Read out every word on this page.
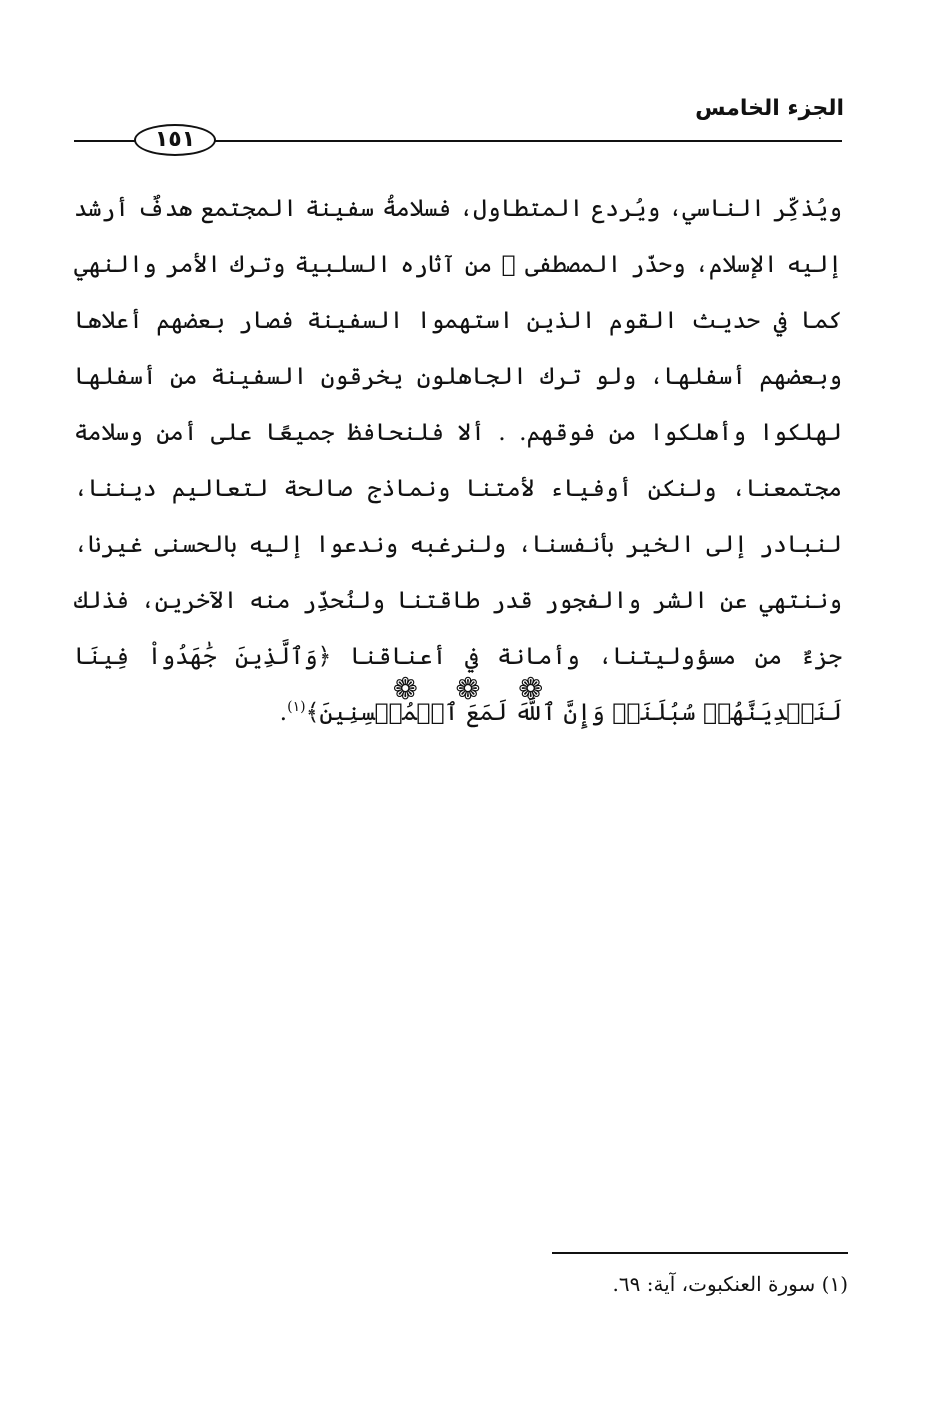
الجزء الخامس
١٥١
ويُذكِّر الناسي، ويُردع المتطاول، فسلامةُ سفينة المجتمع هدفٌ أرشد إليه الإسلام، وحذّر المصطفى ﷺ من آثاره السلبية وترك الأمر والنهي كما في حديث القوم الذين استهموا السفينة فصار بعضهم أعلاها وبعضهم أسفلها، ولو ترك الجاهلون يخرقون السفينة من أسفلها لهلكوا وأهلكوا من فوقهم. . ألا فلنحافظ جميعًا على أمن وسلامة مجتمعنا، ولنكن أوفياء لأمتنا ونماذج صالحة لتعاليم ديننا، لنبادر إلى الخير بأنفسنا، ولنرغبه وندعوا إليه بالحسنى غيرنا، وننتهي عن الشر والفجور قدر طاقتنا ولنُحذِّر منه الآخرين، فذلك جزءٌ من مسؤوليتنا، وأمانة في أعناقنا ﴿وَٱلَّذِينَ جَٰهَدُواْ فِينَا لَنَهۡدِيَنَّهُمۡ سُبُلَنَاۚ وَإِنَّ ٱللَّهَ لَمَعَ ٱلۡمُحۡسِنِينَ﴾$^{(١)}$.
❁ ❁ ❁
(١) سورة العنكبوت، آية: ٦٩.
